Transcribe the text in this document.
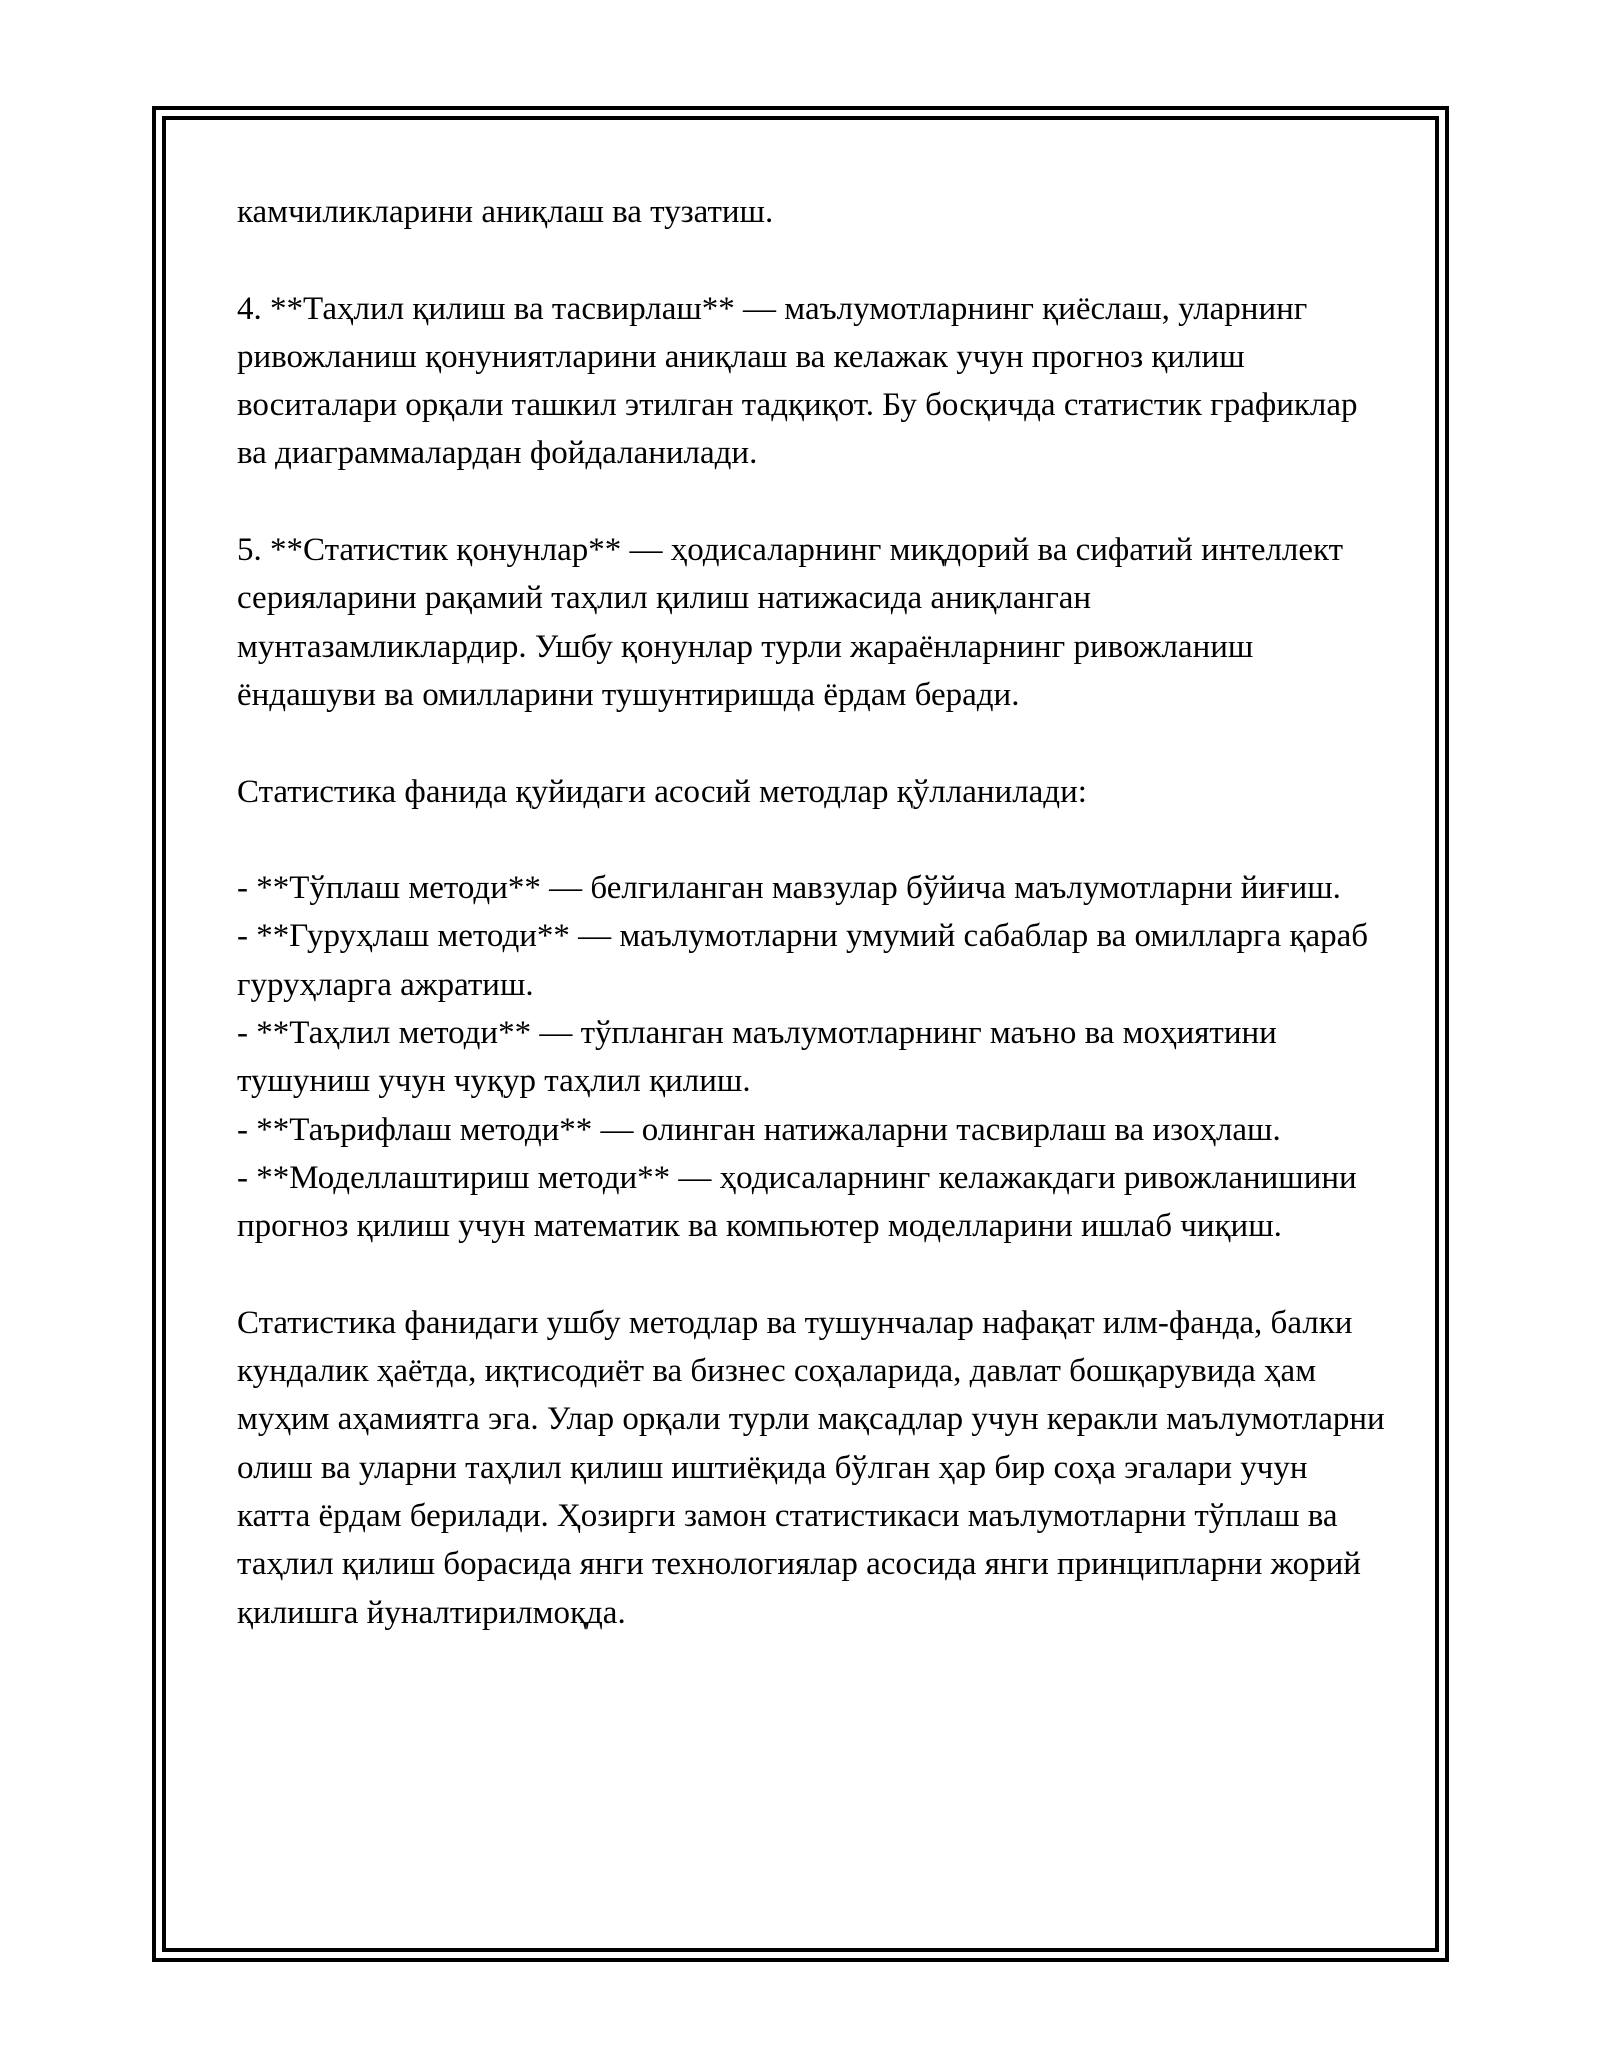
камчиликларини аниқлаш ва тузатиш.

4. **Таҳлил қилиш ва тасвирлаш** — маълумотларнинг қиёслаш, уларнинг ривожланиш қонуниятларини аниқлаш ва келажак учун прогноз қилиш воситалари орқали ташкил этилган тадқиқот. Бу босқичда статистик графиклар ва диаграммалардан фойдаланилади.

5. **Статистик қонунлар** — ҳодисаларнинг миқдорий ва сифатий интеллект серияларини рақамий таҳлил қилиш натижасида аниқланган мунтазамликлардир. Ушбу қонунлар турли жараёнларнинг ривожланиш ёндашуви ва омилларини тушунтиришда ёрдам беради.

Статистика фанида қуйидаги асосий методлар қўлланилади:

- **Тўплаш методи** — белгиланган мавзулар бўйича маълумотларни йиғиш.

- **Гуруҳлаш методи** — маълумотларни умумий сабаблар ва омилларга қараб гуруҳларга ажратиш.

- **Таҳлил методи** — тўпланган маълумотларнинг маъно ва моҳиятини тушуниш учун чуқур таҳлил қилиш.

- **Таърифлаш методи** — олинган натижаларни тасвирлаш ва изоҳлаш.

- **Моделлаштириш методи** — ҳодисаларнинг келажакдаги ривожланишини прогноз қилиш учун математик ва компьютер моделларини ишлаб чиқиш.

Статистика фанидаги ушбу методлар ва тушунчалар нафақат илм-фанда, балки кундалик ҳаётда, иқтисодиёт ва бизнес соҳаларида, давлат бошқарувида ҳам муҳим аҳамиятга эга. Улар орқали турли мақсадлар учун керакли маълумотларни олиш ва уларни таҳлил қилиш иштиёқида бўлган ҳар бир соҳа эгалари учун катта ёрдам берилади. Ҳозирги замон статистикаси маълумотларни тўплаш ва таҳлил қилиш борасида янги технологиялар асосида янги принципларни жорий қилишга йуналтирилмоқда.
